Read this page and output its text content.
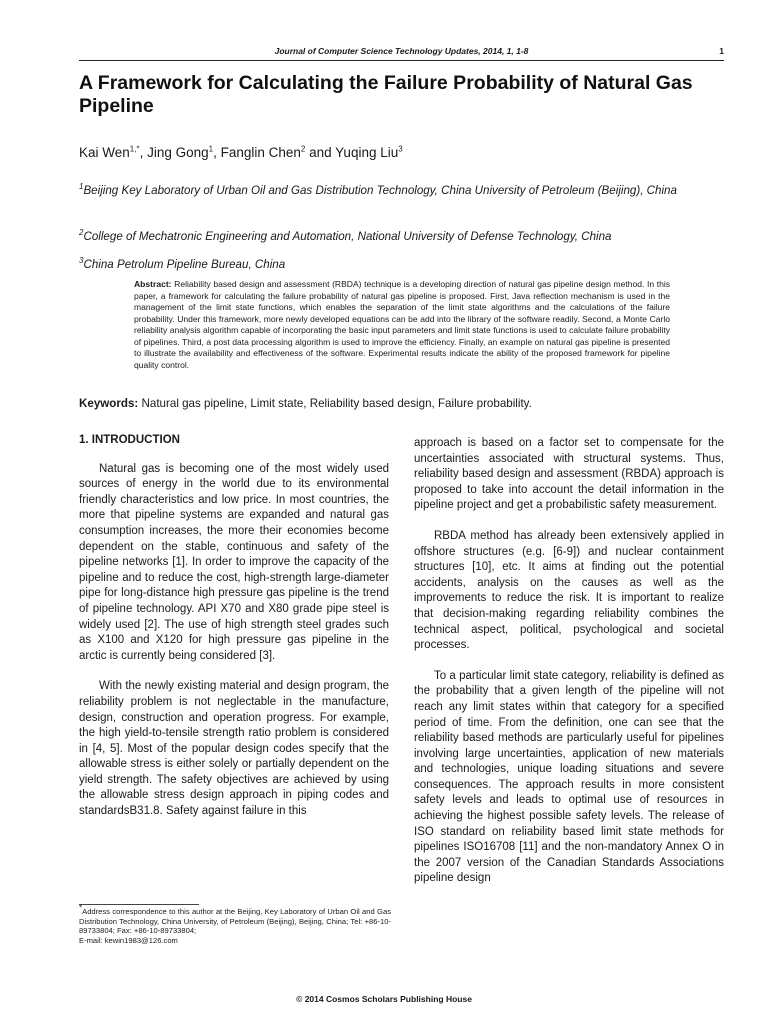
Journal of Computer Science Technology Updates, 2014, 1, 1-8	1
A Framework for Calculating the Failure Probability of Natural Gas Pipeline
Kai Wen$^{1,*}$, Jing Gong$^1$, Fanglin Chen$^2$ and Yuqing Liu$^3$
$^1$Beijing Key Laboratory of Urban Oil and Gas Distribution Technology, China University of Petroleum (Beijing), China
$^2$College of Mechatronic Engineering and Automation, National University of Defense Technology, China
$^3$China Petrolum Pipeline Bureau, China
Abstract: Reliability based design and assessment (RBDA) technique is a developing direction of natural gas pipeline design method. In this paper, a framework for calculating the failure probability of natural gas pipeline is proposed. First, Java reflection mechanism is used in the management of the limit state functions, which enables the separation of the limit state algorithms and the calculations of the failure probability. Under this framework, more newly developed equations can be add into the library of the software readily. Second, a Monte Carlo reliability analysis algorithm capable of incorporating the basic input parameters and limit state functions is used to calculate failure probability of pipelines. Third, a post data processing algorithm is used to improve the efficiency. Finally, an example on natural gas pipeline is presented to illustrate the availability and effectiveness of the software. Experimental results indicate the ability of the proposed framework for pipeline quality control.
Keywords: Natural gas pipeline, Limit state, Reliability based design, Failure probability.

1. INTRODUCTION

Natural gas is becoming one of the most widely used sources of energy in the world due to its environmental friendly characteristics and low price. In most countries, the more that pipeline systems are expanded and natural gas consumption increases, the more their economies become dependent on the stable, continuous and safety of the pipeline networks [1]. In order to improve the capacity of the pipeline and to reduce the cost, high-strength large-diameter pipe for long-distance high pressure gas pipeline is the trend of pipeline technology. API X70 and X80 grade pipe steel is widely used [2]. The use of high strength steel grades such as X100 and X120 for high pressure gas pipeline in the arctic is currently being considered [3].

With the newly existing material and design program, the reliability problem is not neglectable in the manufacture, design, construction and operation progress. For example, the high yield-to-tensile strength ratio problem is considered in [4, 5]. Most of the popular design codes specify that the allowable stress is either solely or partially dependent on the yield strength. The safety objectives are achieved by using the allowable stress design approach in piping codes and standardsB31.8. Safety against failure in this

approach is based on a factor set to compensate for the uncertainties associated with structural systems. Thus, reliability based design and assessment (RBDA) approach is proposed to take into account the detail information in the pipeline project and get a probabilistic safety measurement.

RBDA method has already been extensively applied in offshore structures (e.g. [6-9]) and nuclear containment structures [10], etc. It aims at finding out the potential accidents, analysis on the causes as well as the improvements to reduce the risk. It is important to realize that decision-making regarding reliability combines the technical aspect, political, psychological and societal processes.

To a particular limit state category, reliability is defined as the probability that a given length of the pipeline will not reach any limit states within that category for a specified period of time. From the definition, one can see that the reliability based methods are particularly useful for pipelines involving large uncertainties, application of new materials and technologies, unique loading situations and severe consequences. The approach results in more consistent safety levels and leads to optimal use of resources in achieving the highest possible safety levels. The release of ISO standard on reliability based limit state methods for pipelines ISO16708 [11] and the non-mandatory Annex O in the 2007 version of the Canadian Standards Associations pipeline design

*Address correspondence to this author at the Beijing, Key Laboratory of Urban Oil and Gas Distribution Technology, China University, of Petroleum (Beijing), Beijing, China; Tel: +86-10-89733804; Fax: +86-10-89733804;
E-mail: kewin1983@126.com
© 2014 Cosmos Scholars Publishing House
